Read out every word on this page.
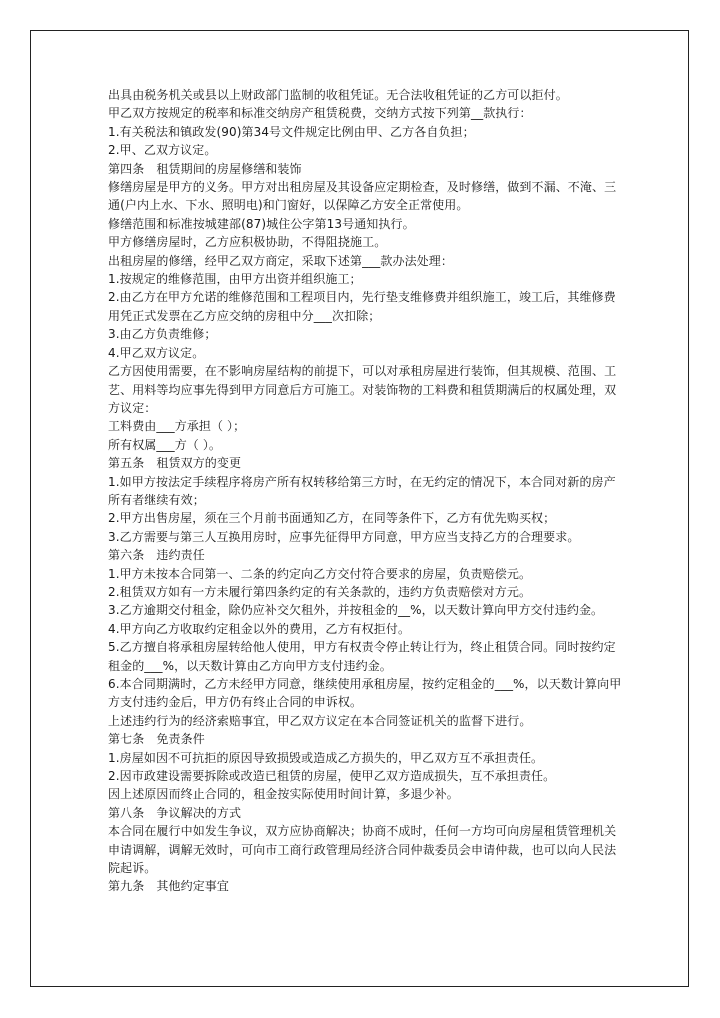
出具由税务机关或县以上财政部门监制的收租凭证。无合法收租凭证的乙方可以拒付。
甲乙双方按规定的税率和标准交纳房产租赁税费，交纳方式按下列第__款执行：
1.有关税法和镇政发(90)第34号文件规定比例由甲、乙方各自负担；
2.甲、乙双方议定。
第四条　租赁期间的房屋修缮和装饰
修缮房屋是甲方的义务。甲方对出租房屋及其设备应定期检查，及时修缮，做到不漏、不淹、三
通(户内上水、下水、照明电)和门窗好，以保障乙方安全正常使用。
修缮范围和标准按城建部(87)城住公字第13号通知执行。
甲方修缮房屋时，乙方应积极协助，不得阻挠施工。
出租房屋的修缮，经甲乙双方商定，采取下述第___款办法处理：
1.按规定的维修范围，由甲方出资并组织施工；
2.由乙方在甲方允诺的维修范围和工程项目内，先行垫支维修费并组织施工，竣工后，其维修费
用凭正式发票在乙方应交纳的房租中分___次扣除；
3.由乙方负责维修；
4.甲乙双方议定。
乙方因使用需要，在不影响房屋结构的前提下，可以对承租房屋进行装饰，但其规模、范围、工
艺、用料等均应事先得到甲方同意后方可施工。对装饰物的工料费和租赁期满后的权属处理，双
方议定：
工料费由___方承担（ ）；
所有权属___方（ ）。
第五条　租赁双方的变更
1.如甲方按法定手续程序将房产所有权转移给第三方时，在无约定的情况下，本合同对新的房产
所有者继续有效；
2.甲方出售房屋，须在三个月前书面通知乙方，在同等条件下，乙方有优先购买权；
3.乙方需要与第三人互换用房时，应事先征得甲方同意，甲方应当支持乙方的合理要求。
第六条　违约责任
1.甲方未按本合同第一、二条的约定向乙方交付符合要求的房屋，负责赔偿元。
2.租赁双方如有一方未履行第四条约定的有关条款的，违约方负责赔偿对方元。
3.乙方逾期交付租金，除仍应补交欠租外，并按租金的__%，以天数计算向甲方交付违约金。
4.甲方向乙方收取约定租金以外的费用，乙方有权拒付。
5.乙方擅自将承租房屋转给他人使用，甲方有权责令停止转让行为，终止租赁合同。同时按约定
租金的___%，以天数计算由乙方向甲方支付违约金。
6.本合同期满时，乙方未经甲方同意，继续使用承租房屋，按约定租金的___%，以天数计算向甲
方支付违约金后，甲方仍有终止合同的申诉权。
上述违约行为的经济索赔事宜，甲乙双方议定在本合同签证机关的监督下进行。
第七条　免责条件
1.房屋如因不可抗拒的原因导致损毁或造成乙方损失的，甲乙双方互不承担责任。
2.因市政建设需要拆除或改造已租赁的房屋，使甲乙双方造成损失，互不承担责任。
因上述原因而终止合同的，租金按实际使用时间计算，多退少补。
第八条　争议解决的方式
本合同在履行中如发生争议，双方应协商解决；协商不成时，任何一方均可向房屋租赁管理机关
申请调解，调解无效时，可向市工商行政管理局经济合同仲裁委员会申请仲裁，也可以向人民法
院起诉。
第九条　其他约定事宜
